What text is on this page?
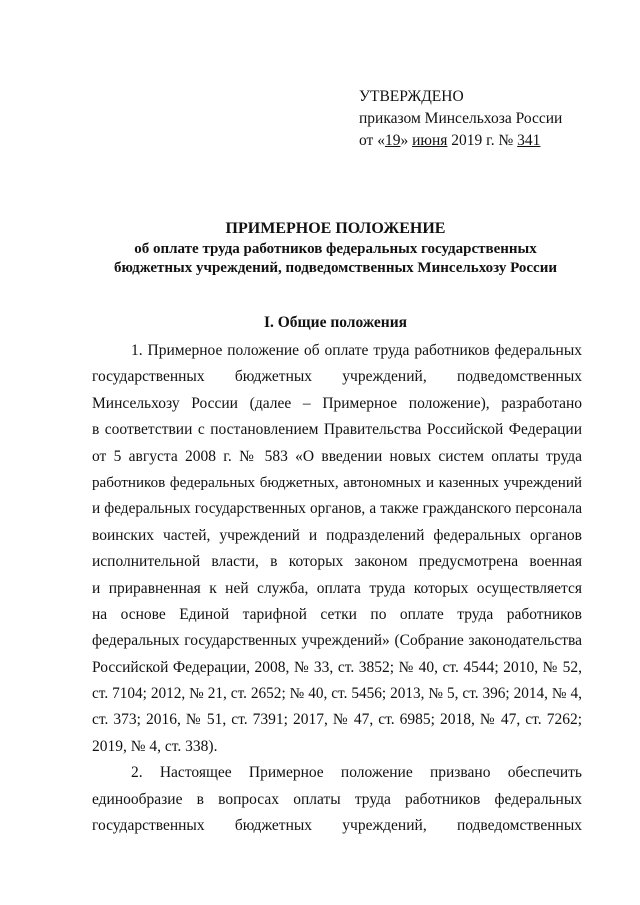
УТВЕРЖДЕНО
приказом Минсельхоза России
от «19» июня 2019 г. № 341
ПРИМЕРНОЕ ПОЛОЖЕНИЕ
об оплате труда работников федеральных государственных
бюджетных учреждений, подведомственных Минсельхозу России
I. Общие положения
1. Примерное положение об оплате труда работников федеральных
государственных бюджетных учреждений, подведомственных
Минсельхозу России (далее – Примерное положение), разработано
в соответствии с постановлением Правительства Российской Федерации
от 5 августа 2008 г. № 583 «О введении новых систем оплаты труда
работников федеральных бюджетных, автономных и казенных учреждений
и федеральных государственных органов, а также гражданского персонала
воинских частей, учреждений и подразделений федеральных органов
исполнительной власти, в которых законом предусмотрена военная
и приравненная к ней служба, оплата труда которых осуществляется
на основе Единой тарифной сетки по оплате труда работников
федеральных государственных учреждений» (Собрание законодательства
Российской Федерации, 2008, № 33, ст. 3852; № 40, ст. 4544; 2010, № 52,
ст. 7104; 2012, № 21, ст. 2652; № 40, ст. 5456; 2013, № 5, ст. 396; 2014, № 4,
ст. 373; 2016, № 51, ст. 7391; 2017, № 47, ст. 6985; 2018, № 47, ст. 7262;
2019, № 4, ст. 338).
2. Настоящее Примерное положение призвано обеспечить
единообразие в вопросах оплаты труда работников федеральных
государственных бюджетных учреждений, подведомственных
